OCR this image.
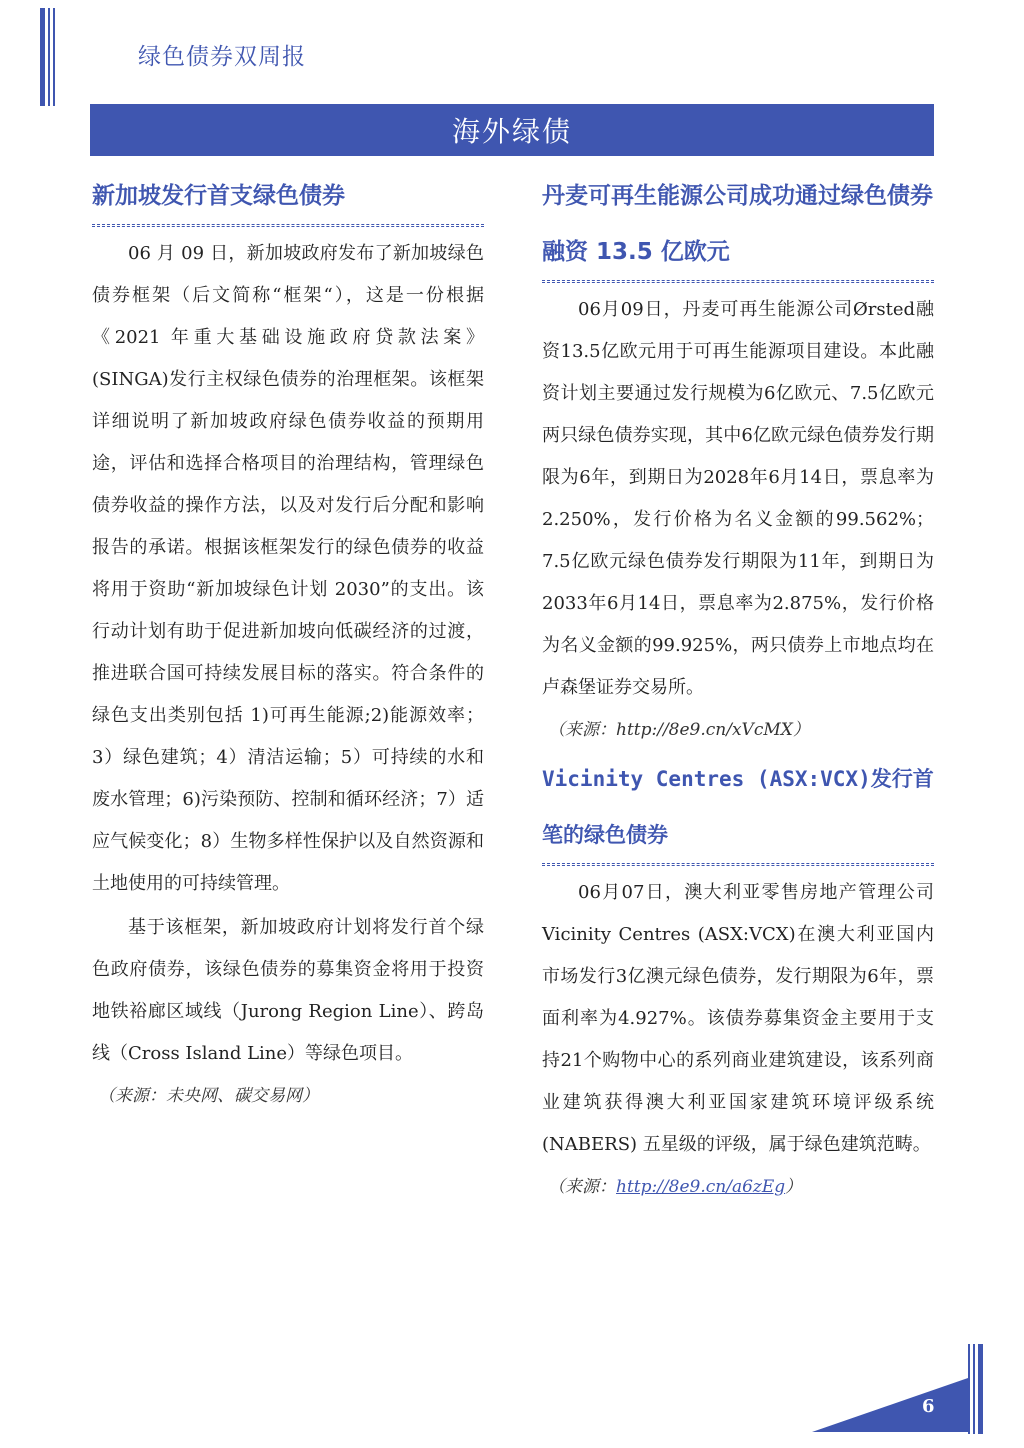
绿色债券双周报
海外绿债
新加坡发行首支绿色债券

06 月 09 日，新加坡政府发布了新加坡绿色债券框架（后文简称“框架“），这是一份根据《2021 年重大基础设施政府贷款法案》(SINGA)发行主权绿色债券的治理框架。该框架详细说明了新加坡政府绿色债券收益的预期用途，评估和选择合格项目的治理结构，管理绿色债券收益的操作方法，以及对发行后分配和影响报告的承诺。根据该框架发行的绿色债券的收益将用于资助“新加坡绿色计划 2030”的支出。该行动计划有助于促进新加坡向低碳经济的过渡，推进联合国可持续发展目标的落实。符合条件的绿色支出类别包括 1)可再生能源;2)能源效率；3）绿色建筑；4）清洁运输；5）可持续的水和废水管理；6)污染预防、控制和循环经济；7）适应气候变化；8）生物多样性保护以及自然资源和土地使用的可持续管理。

基于该框架，新加坡政府计划将发行首个绿色政府债券，该绿色债券的募集资金将用于投资地铁裕廊区域线（Jurong Region Line）、跨岛线（Cross Island Line）等绿色项目。

（来源：未央网、碳交易网）
丹麦可再生能源公司成功通过绿色债券融资 13.5 亿欧元

06月09日，丹麦可再生能源公司Ørsted融资13.5亿欧元用于可再生能源项目建设。本此融资计划主要通过发行规模为6亿欧元、7.5亿欧元两只绿色债券实现，其中6亿欧元绿色债券发行期限为6年，到期日为2028年6月14日，票息率为2.250%，发行价格为名义金额的99.562%；7.5亿欧元绿色债券发行期限为11年，到期日为2033年6月14日，票息率为2.875%，发行价格为名义金额的99.925%，两只债券上市地点均在卢森堡证券交易所。

（来源：http://8e9.cn/xVcMX）
Vicinity Centres (ASX:VCX)发行首笔的绿色债券

06月07日，澳大利亚零售房地产管理公司 Vicinity Centres (ASX:VCX)在澳大利亚国内市场发行3亿澳元绿色债券，发行期限为6年，票面利率为4.927%。该债券募集资金主要用于支持21个购物中心的系列商业建筑建设，该系列商业建筑获得澳大利亚国家建筑环境评级系统 (NABERS) 五星级的评级，属于绿色建筑范畴。

（来源：http://8e9.cn/a6zEg）
6
